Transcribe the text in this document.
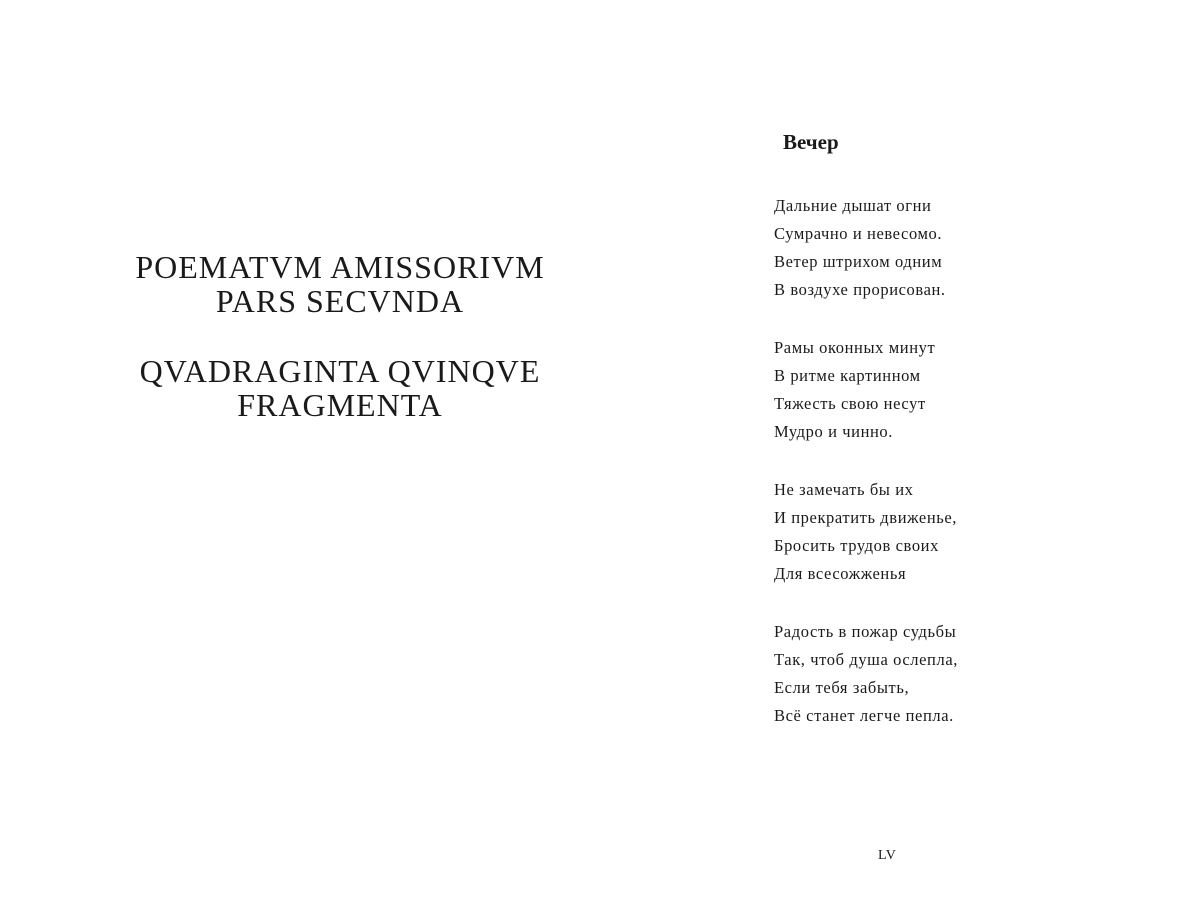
POEMATVM AMISSORIVM
PARS SECVNDA
QVADRAGINTA QVINQVE
FRAGMENTA
Вечер
Дальние дышат огни
Сумрачно и невесомо.
Ветер штрихом одним
В воздухе прорисован.
Рамы оконных минут
В ритме картинном
Тяжесть свою несут
Мудро и чинно.
Не замечать бы их
И прекратить движенье,
Бросить трудов своих
Для всесожженья
Радость в пожар судьбы
Так, чтоб душа ослепла,
Если тебя забыть,
Всё станет легче пепла.
LV
